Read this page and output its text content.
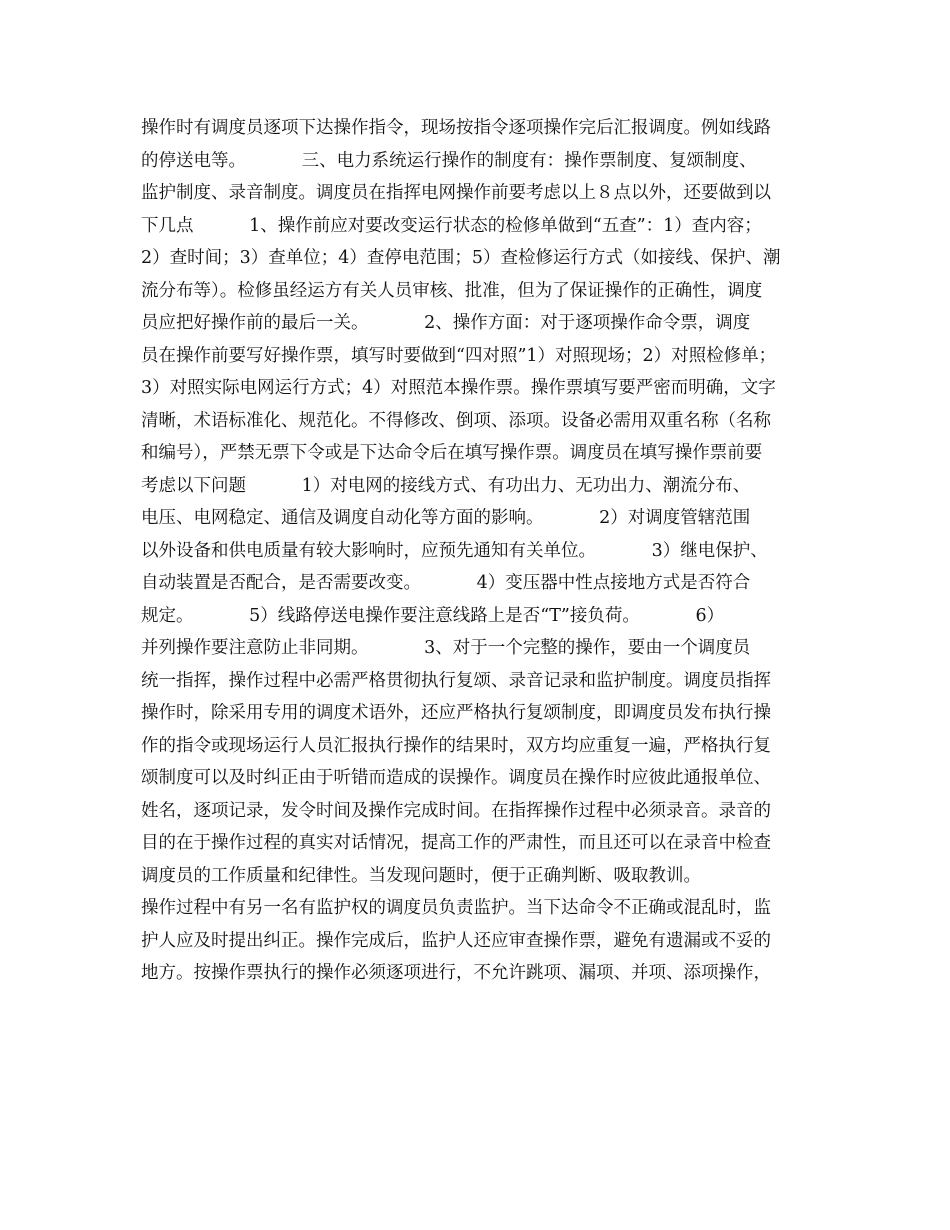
操作时有调度员逐项下达操作指令，现场按指令逐项操作完后汇报调度。例如线路
的停送电等。          三、电力系统运行操作的制度有：操作票制度、复颂制度、
监护制度、录音制度。调度员在指挥电网操作前要考虑以上８点以外，还要做到以
下几点          1、操作前应对要改变运行状态的检修单做到“五查”：1）查内容；
2）查时间；3）查单位；4）查停电范围；5）查检修运行方式（如接线、保护、潮
流分布等）。检修虽经运方有关人员审核、批准，但为了保证操作的正确性，调度
员应把好操作前的最后一关。          2、操作方面：对于逐项操作命令票，调度
员在操作前要写好操作票，填写时要做到“四对照”1）对照现场；2）对照检修单；
3）对照实际电网运行方式；4）对照范本操作票。操作票填写要严密而明确，文字
清晰，术语标准化、规范化。不得修改、倒项、添项。设备必需用双重名称（名称
和编号），严禁无票下令或是下达命令后在填写操作票。调度员在填写操作票前要
考虑以下问题          1）对电网的接线方式、有功出力、无功出力、潮流分布、
电压、电网稳定、通信及调度自动化等方面的影响。          2）对调度管辖范围
以外设备和供电质量有较大影响时，应预先通知有关单位。          3）继电保护、
自动装置是否配合，是否需要改变。          4）变压器中性点接地方式是否符合
规定。          5）线路停送电操作要注意线路上是否“T”接负荷。          6）
并列操作要注意防止非同期。          3、对于一个完整的操作，要由一个调度员
统一指挥，操作过程中必需严格贯彻执行复颂、录音记录和监护制度。调度员指挥
操作时，除采用专用的调度术语外，还应严格执行复颂制度，即调度员发布执行操
作的指令或现场运行人员汇报执行操作的结果时，双方均应重复一遍，严格执行复
颂制度可以及时纠正由于听错而造成的误操作。调度员在操作时应彼此通报单位、
姓名，逐项记录，发令时间及操作完成时间。在指挥操作过程中必须录音。录音的
目的在于操作过程的真实对话情况，提高工作的严肃性，而且还可以在录音中检查
调度员的工作质量和纪律性。当发现问题时，便于正确判断、吸取教训。
操作过程中有另一名有监护权的调度员负责监护。当下达命令不正确或混乱时，监
护人应及时提出纠正。操作完成后，监护人还应审查操作票，避免有遗漏或不妥的
地方。按操作票执行的操作必须逐项进行，不允许跳项、漏项、并项、添项操作，
